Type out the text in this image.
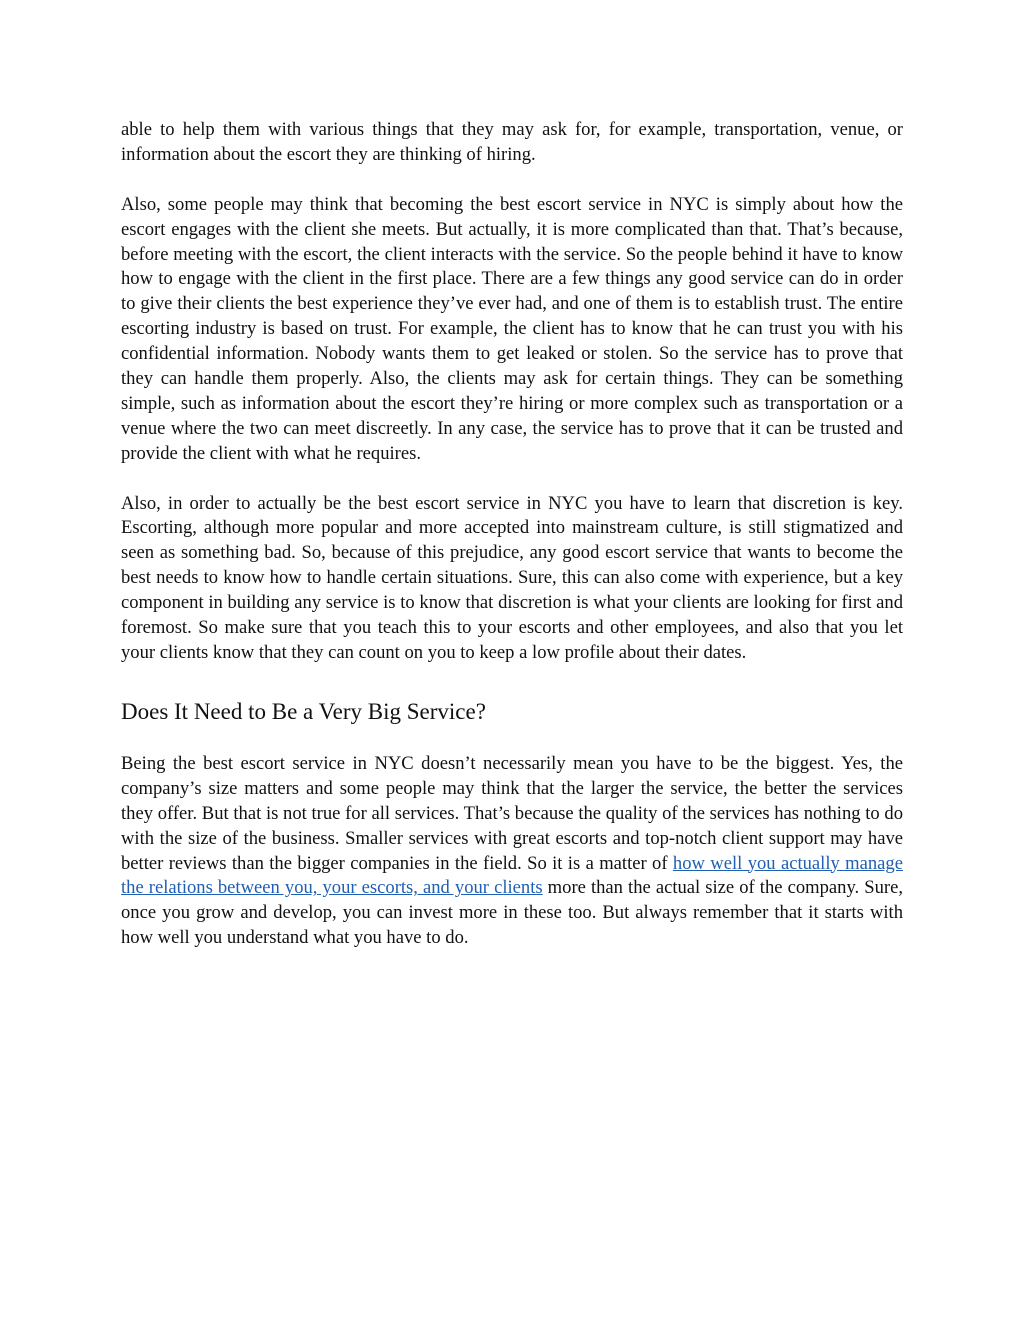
able to help them with various things that they may ask for, for example, transportation, venue, or information about the escort they are thinking of hiring.

Also, some people may think that becoming the best escort service in NYC is simply about how the escort engages with the client she meets. But actually, it is more complicated than that. That’s because, before meeting with the escort, the client interacts with the service. So the people behind it have to know how to engage with the client in the first place. There are a few things any good service can do in order to give their clients the best experience they’ve ever had, and one of them is to establish trust. The entire escorting industry is based on trust. For example, the client has to know that he can trust you with his confidential information. Nobody wants them to get leaked or stolen. So the service has to prove that they can handle them properly. Also, the clients may ask for certain things. They can be something simple, such as information about the escort they’re hiring or more complex such as transportation or a venue where the two can meet discreetly. In any case, the service has to prove that it can be trusted and provide the client with what he requires.

Also, in order to actually be the best escort service in NYC you have to learn that discretion is key. Escorting, although more popular and more accepted into mainstream culture, is still stigmatized and seen as something bad. So, because of this prejudice, any good escort service that wants to become the best needs to know how to handle certain situations. Sure, this can also come with experience, but a key component in building any service is to know that discretion is what your clients are looking for first and foremost. So make sure that you teach this to your escorts and other employees, and also that you let your clients know that they can count on you to keep a low profile about their dates.

Does It Need to Be a Very Big Service?

Being the best escort service in NYC doesn’t necessarily mean you have to be the biggest. Yes, the company’s size matters and some people may think that the larger the service, the better the services they offer. But that is not true for all services. That’s because the quality of the services has nothing to do with the size of the business. Smaller services with great escorts and top-notch client support may have better reviews than the bigger companies in the field. So it is a matter of how well you actually manage the relations between you, your escorts, and your clients more than the actual size of the company. Sure, once you grow and develop, you can invest more in these too. But always remember that it starts with how well you understand what you have to do.
